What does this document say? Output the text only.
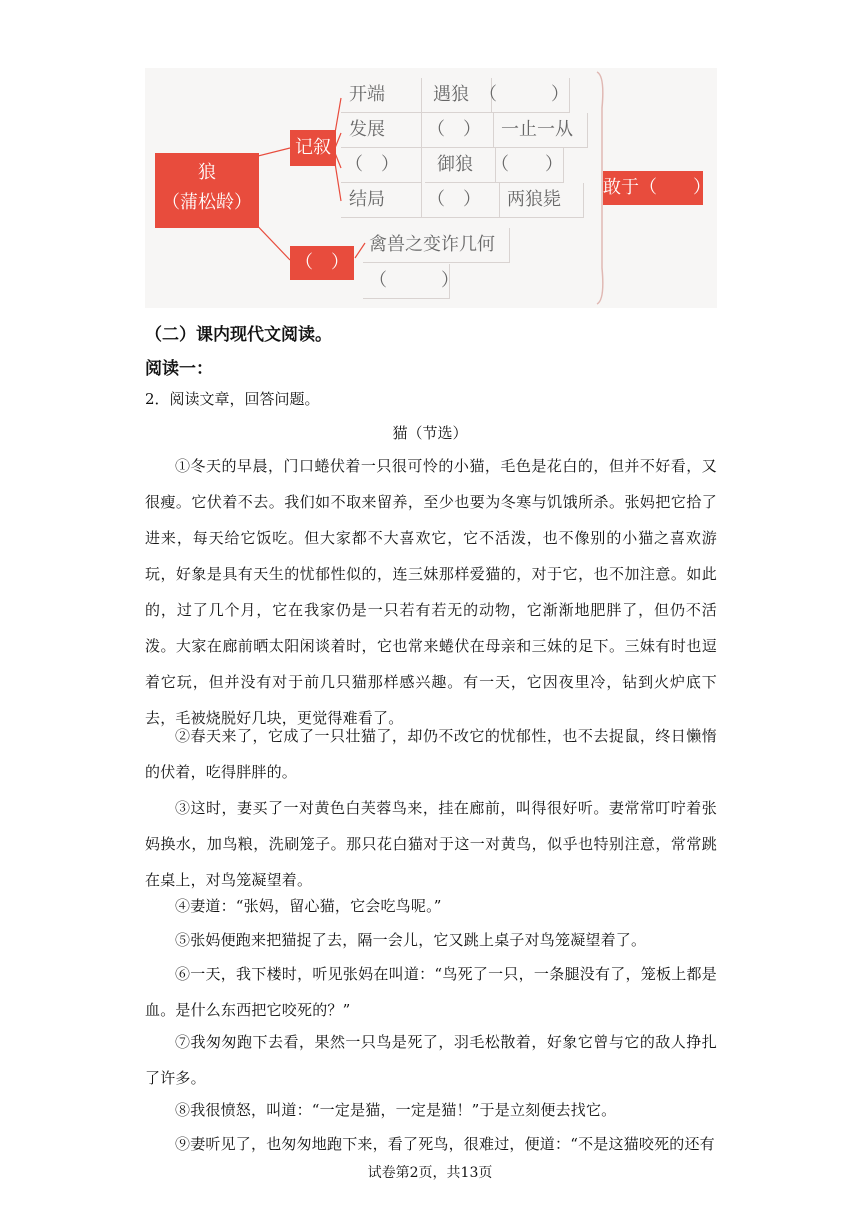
狼
（蒲松龄）
记叙
（　）
开端	遇狼 （　　　）
发展	（　）	一止一从
（　）	御狼	（　　）
结局	（　）	两狼毙
禽兽之变诈几何
（　　　）
敢于（　　）
（二）课内现代文阅读。
阅读一：
2．阅读文章，回答问题。
猫（节选）
①冬天的早晨，门口蜷伏着一只很可怜的小猫，毛色是花白的，但并不好看，又很瘦。它伏着不去。我们如不取来留养，至少也要为冬寒与饥饿所杀。张妈把它拾了进来，每天给它饭吃。但大家都不大喜欢它，它不活泼，也不像别的小猫之喜欢游玩，好象是具有天生的忧郁性似的，连三妹那样爱猫的，对于它，也不加注意。如此的，过了几个月，它在我家仍是一只若有若无的动物，它渐渐地肥胖了，但仍不活泼。大家在廊前晒太阳闲谈着时，它也常来蜷伏在母亲和三妹的足下。三妹有时也逗着它玩，但并没有对于前几只猫那样感兴趣。有一天，它因夜里冷，钻到火炉底下去，毛被烧脱好几块，更觉得难看了。
②春天来了，它成了一只壮猫了，却仍不改它的忧郁性，也不去捉鼠，终日懒惰的伏着，吃得胖胖的。
③这时，妻买了一对黄色白芙蓉鸟来，挂在廊前，叫得很好听。妻常常叮咛着张妈换水，加鸟粮，洗刷笼子。那只花白猫对于这一对黄鸟，似乎也特别注意，常常跳在桌上，对鸟笼凝望着。
④妻道：“张妈，留心猫，它会吃鸟呢。”
⑤张妈便跑来把猫捉了去，隔一会儿，它又跳上桌子对鸟笼凝望着了。
⑥一天，我下楼时，听见张妈在叫道：“鸟死了一只，一条腿没有了，笼板上都是血。是什么东西把它咬死的？”
⑦我匆匆跑下去看，果然一只鸟是死了，羽毛松散着，好象它曾与它的敌人挣扎了许多。
⑧我很愤怒，叫道：“一定是猫，一定是猫！”于是立刻便去找它。
⑨妻听见了，也匆匆地跑下来，看了死鸟，很难过，便道：“不是这猫咬死的还有
试卷第2页，共13页
